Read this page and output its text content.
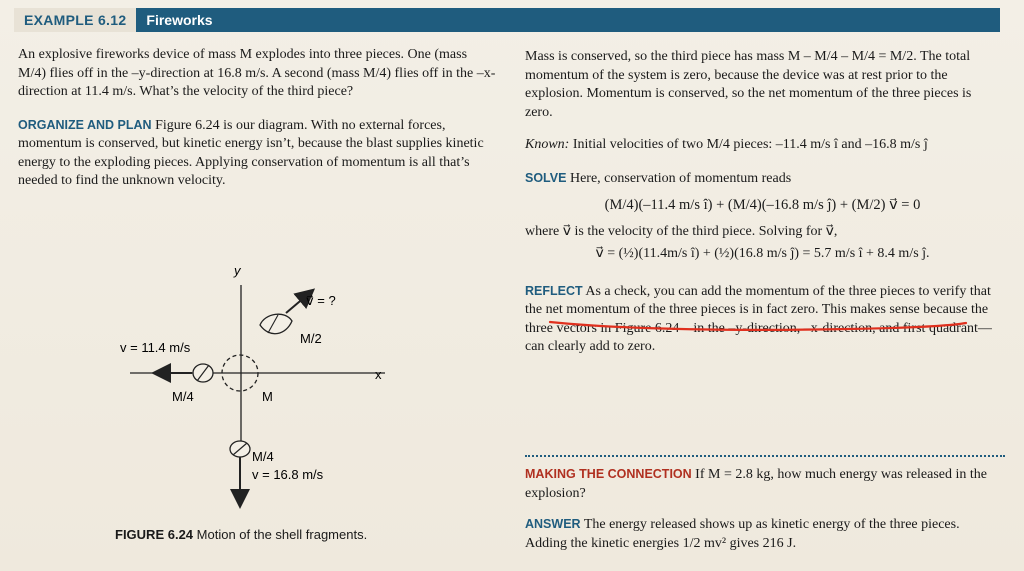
EXAMPLE 6.12	Fireworks

An explosive fireworks device of mass M explodes into three pieces. One (mass M/4) flies off in the –y-direction at 16.8 m/s. A second (mass M/4) flies off in the –x-direction at 11.4 m/s. What’s the velocity of the third piece?

ORGANIZE AND PLAN Figure 6.24 is our diagram. With no external forces, momentum is conserved, but kinetic energy isn’t, because the blast supplies kinetic energy to the exploding pieces. Applying conservation of momentum is all that’s needed to find the unknown velocity.

y
x
v⃗ = ?
M/2
v = 11.4 m/s
M/4	M
M/4
v = 16.8 m/s
FIGURE 6.24 Motion of the shell fragments.

Mass is conserved, so the third piece has mass M – M/4 – M/4 = M/2. The total momentum of the system is zero, because the device was at rest prior to the explosion. Momentum is conserved, so the net momentum of the three pieces is zero.

Known: Initial velocities of two M/4 pieces: –11.4 m/s î and –16.8 m/s ĵ

SOLVE Here, conservation of momentum reads

(M/4)(–11.4 m/s î) + (M/4)(–16.8 m/s ĵ) + (M/2) v⃗ = 0

where v⃗ is the velocity of the third piece. Solving for v⃗,

v⃗ = (½)(11.4m/s î) + (½)(16.8 m/s ĵ) = 5.7 m/s î + 8.4 m/s ĵ.

REFLECT As a check, you can add the momentum of the three pieces to verify that the net momentum of the three pieces is in fact zero. This makes sense because the three vectors in Figure 6.24—in the –y-direction, –x-direction, and first quadrant—can clearly add to zero.

MAKING THE CONNECTION If M = 2.8 kg, how much energy was released in the explosion?

ANSWER The energy released shows up as kinetic energy of the three pieces. Adding the kinetic energies 1/2 mv² gives 216 J.
